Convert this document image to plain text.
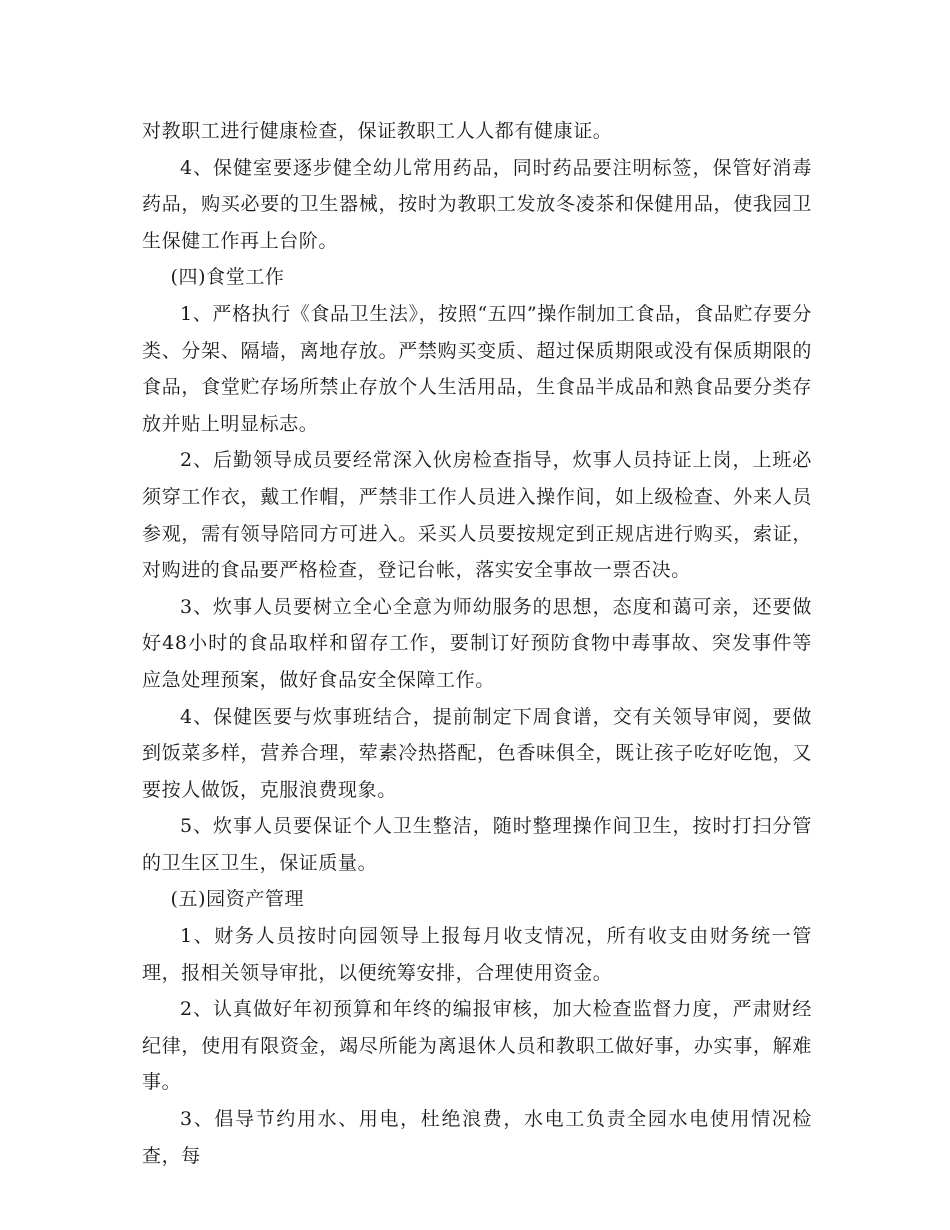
对教职工进行健康检查，保证教职工人人都有健康证。

4、保健室要逐步健全幼儿常用药品，同时药品要注明标签，保管好消毒药品，购买必要的卫生器械，按时为教职工发放冬凌茶和保健用品，使我园卫生保健工作再上台阶。

(四)食堂工作

1、严格执行《食品卫生法》，按照“五四”操作制加工食品，食品贮存要分类、分架、隔墙，离地存放。严禁购买变质、超过保质期限或没有保质期限的食品，食堂贮存场所禁止存放个人生活用品，生食品半成品和熟食品要分类存放并贴上明显标志。

2、后勤领导成员要经常深入伙房检查指导，炊事人员持证上岗，上班必须穿工作衣，戴工作帽，严禁非工作人员进入操作间，如上级检查、外来人员参观，需有领导陪同方可进入。采买人员要按规定到正规店进行购买，索证，对购进的食品要严格检查，登记台帐，落实安全事故一票否决。

3、炊事人员要树立全心全意为师幼服务的思想，态度和蔼可亲，还要做好48小时的食品取样和留存工作，要制订好预防食物中毒事故、突发事件等应急处理预案，做好食品安全保障工作。

4、保健医要与炊事班结合，提前制定下周食谱，交有关领导审阅，要做到饭菜多样，营养合理，荤素冷热搭配，色香味俱全，既让孩子吃好吃饱，又要按人做饭，克服浪费现象。

5、炊事人员要保证个人卫生整洁，随时整理操作间卫生，按时打扫分管的卫生区卫生，保证质量。

(五)园资产管理

1、财务人员按时向园领导上报每月收支情况，所有收支由财务统一管理，报相关领导审批，以便统筹安排，合理使用资金。

2、认真做好年初预算和年终的编报审核，加大检查监督力度，严肃财经纪律，使用有限资金，竭尽所能为离退休人员和教职工做好事，办实事，解难事。

3、倡导节约用水、用电，杜绝浪费，水电工负责全园水电使用情况检查，每
